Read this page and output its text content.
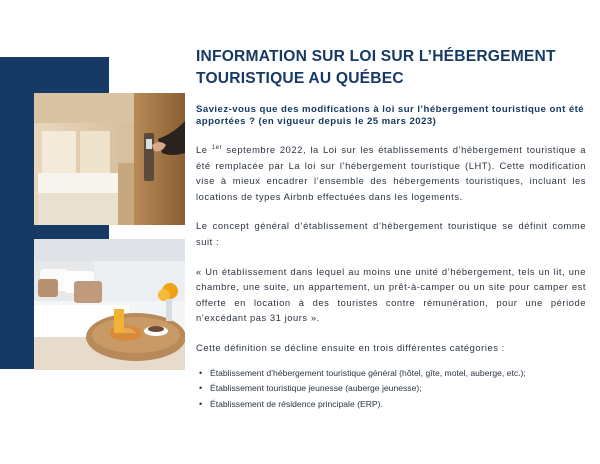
INFORMATION SUR LOI SUR L’HÉBERGEMENT TOURISTIQUE AU QUÉBEC

Saviez-vous que des modifications à loi sur l’hébergement touristique ont été apportées ? (en vigueur depuis le 25 mars 2023)

Le $^{1er}$ septembre 2022, la Loi sur les établissements d’hébergement touristique a été remplacée par La loi sur l’hébergement touristique (LHT). Cette modification vise à mieux encadrer l’ensemble des hébergements touristiques, incluant les locations de types Airbnb effectuées dans les logements.

Le concept général d’établissement d’hébergement touristique se définit comme suit :

« Un établissement dans lequel au moins une unité d’hébergement, tels un lit, une chambre, une suite, un appartement, un prêt-à-camper ou un site pour camper est offerte en location à des touristes contre rémunération, pour une période n’excédant pas 31 jours ».

Cette définition se décline ensuite en trois différentes catégories :

• Établissement d’hébergement touristique général (hôtel, gîte, motel, auberge, etc.);
• Établissement touristique jeunesse (auberge jeunesse);
• Établissement de résidence principale (ERP).
